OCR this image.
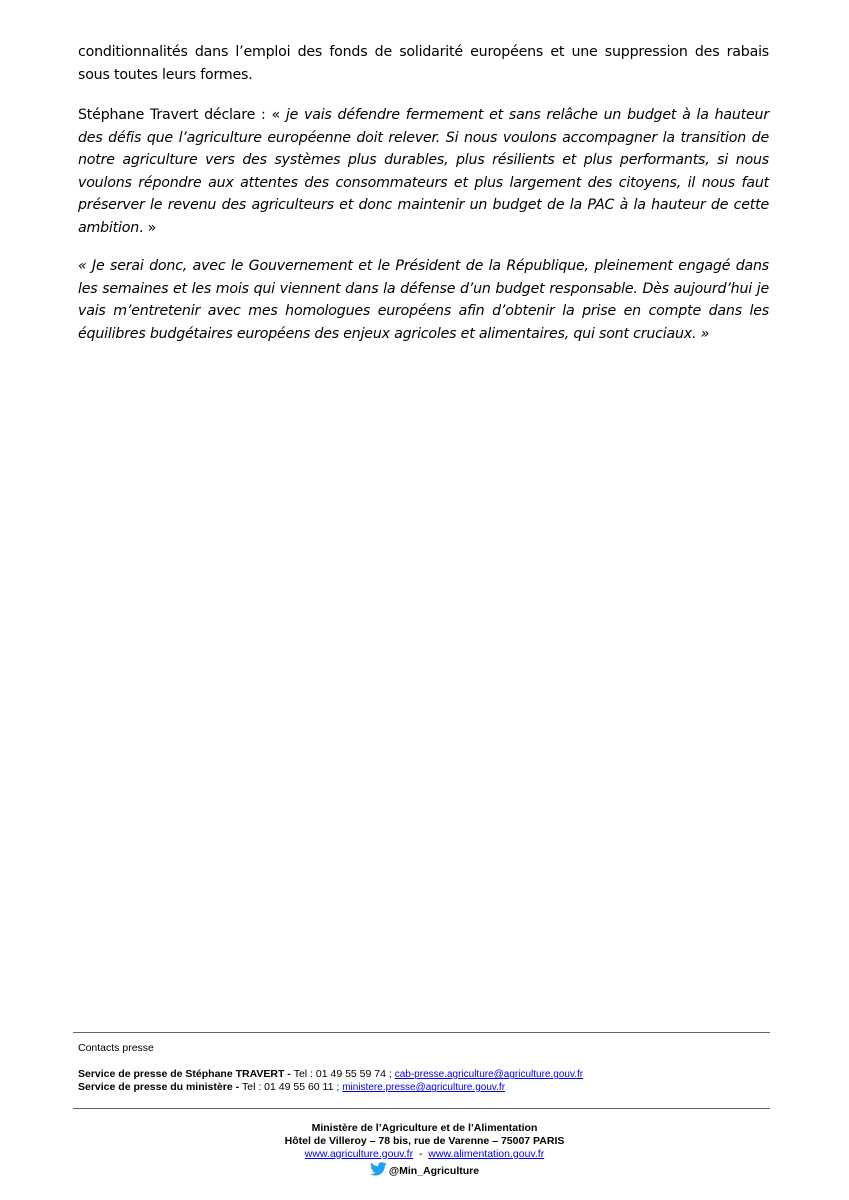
conditionnalités dans l’emploi des fonds de solidarité européens et une suppression des rabais sous toutes leurs formes.
Stéphane Travert déclare : « je vais défendre fermement et sans relâche un budget à la hauteur des défis que l’agriculture européenne doit relever. Si nous voulons accompagner la transition de notre agriculture vers des systèmes plus durables, plus résilients et plus performants, si nous voulons répondre aux attentes des consommateurs et plus largement des citoyens, il nous faut préserver le revenu des agriculteurs et donc maintenir un budget de la PAC à la hauteur de cette ambition. »
« Je serai donc, avec le Gouvernement et le Président de la République, pleinement engagé dans les semaines et les mois qui viennent dans la défense d’un budget responsable. Dès aujourd’hui je vais m’entretenir avec mes homologues européens afin d’obtenir la prise en compte dans les équilibres budgétaires européens des enjeux agricoles et alimentaires, qui sont cruciaux. »
Contacts presse
Service de presse de Stéphane TRAVERT - Tel : 01 49 55 59 74 ; cab-presse.agriculture@agriculture.gouv.fr
Service de presse du ministère - Tel : 01 49 55 60 11 ; ministere.presse@agriculture.gouv.fr
Ministère de l’Agriculture et de l’Alimentation
Hôtel de Villeroy – 78 bis, rue de Varenne – 75007 PARIS
www.agriculture.gouv.fr  -  www.alimentation.gouv.fr
@Min_Agriculture
